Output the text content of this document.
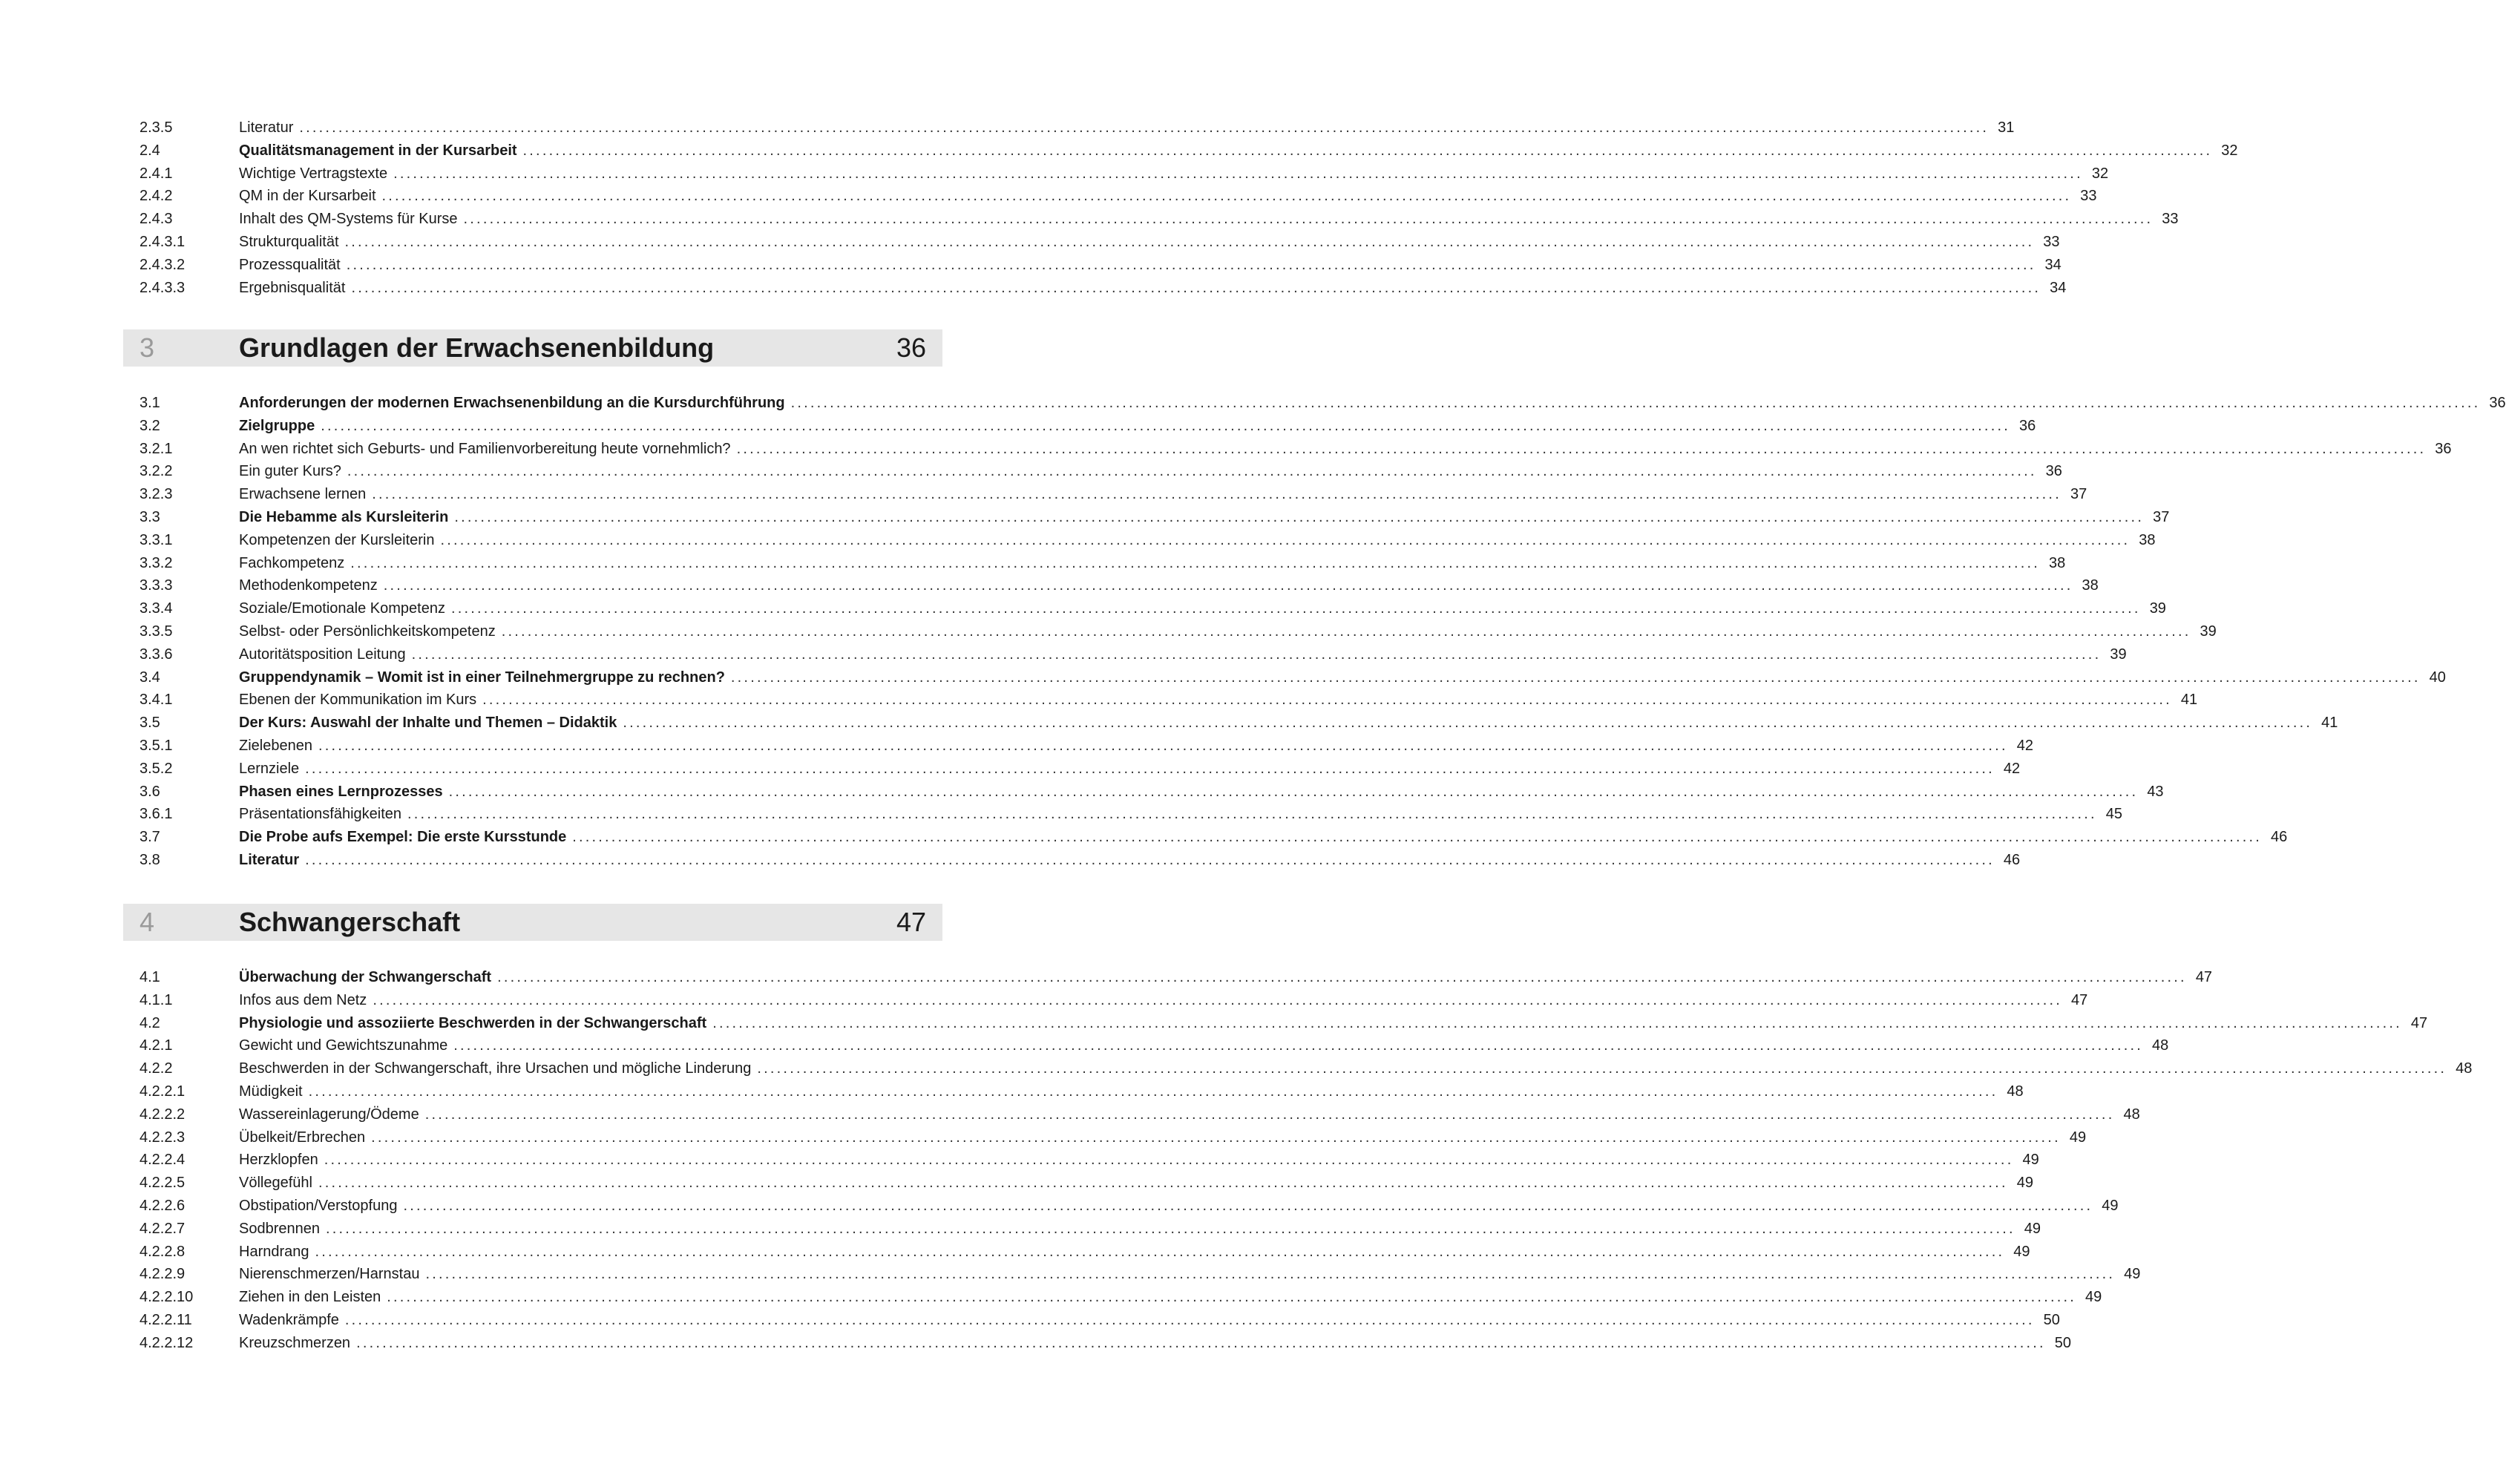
2.3.5	Literatur .................................................................................................................................................................................................................................................................... 31
2.4	Qualitätsmanagement in der Kursarbeit .................................................................................................................................................................................................................................................................... 32
2.4.1	Wichtige Vertragstexte .................................................................................................................................................................................................................................................................... 32
2.4.2	QM in der Kursarbeit .................................................................................................................................................................................................................................................................... 33
2.4.3	Inhalt des QM-Systems für Kurse .................................................................................................................................................................................................................................................................... 33
2.4.3.1	Strukturqualität .................................................................................................................................................................................................................................................................... 33
2.4.3.2	Prozessqualität .................................................................................................................................................................................................................................................................... 34
2.4.3.3	Ergebnisqualität .................................................................................................................................................................................................................................................................... 34
3	Grundlagen der Erwachsenenbildung	36
3.1	Anforderungen der modernen Erwachsenenbildung an die Kursdurchführung .................................................................................................................................................................................................................................................................... 36
3.2	Zielgruppe .................................................................................................................................................................................................................................................................... 36
3.2.1	An wen richtet sich Geburts- und Familienvorbereitung heute vornehmlich? .................................................................................................................................................................................................................................................................... 36
3.2.2	Ein guter Kurs? .................................................................................................................................................................................................................................................................... 36
3.2.3	Erwachsene lernen .................................................................................................................................................................................................................................................................... 37
3.3	Die Hebamme als Kursleiterin .................................................................................................................................................................................................................................................................... 37
3.3.1	Kompetenzen der Kursleiterin .................................................................................................................................................................................................................................................................... 38
3.3.2	Fachkompetenz .................................................................................................................................................................................................................................................................... 38
3.3.3	Methodenkompetenz .................................................................................................................................................................................................................................................................... 38
3.3.4	Soziale/Emotionale Kompetenz .................................................................................................................................................................................................................................................................... 39
3.3.5	Selbst- oder Persönlichkeitskompetenz .................................................................................................................................................................................................................................................................... 39
3.3.6	Autoritätsposition Leitung .................................................................................................................................................................................................................................................................... 39
3.4	Gruppendynamik – Womit ist in einer Teilnehmergruppe zu rechnen? .................................................................................................................................................................................................................................................................... 40
3.4.1	Ebenen der Kommunikation im Kurs .................................................................................................................................................................................................................................................................... 41
3.5	Der Kurs: Auswahl der Inhalte und Themen – Didaktik .................................................................................................................................................................................................................................................................... 41
3.5.1	Zielebenen .................................................................................................................................................................................................................................................................... 42
3.5.2	Lernziele .................................................................................................................................................................................................................................................................... 42
3.6	Phasen eines Lernprozesses .................................................................................................................................................................................................................................................................... 43
3.6.1	Präsentationsfähigkeiten .................................................................................................................................................................................................................................................................... 45
3.7	Die Probe aufs Exempel: Die erste Kursstunde .................................................................................................................................................................................................................................................................... 46
3.8	Literatur .................................................................................................................................................................................................................................................................... 46
4	Schwangerschaft	47
4.1	Überwachung der Schwangerschaft .................................................................................................................................................................................................................................................................... 47
4.1.1	Infos aus dem Netz .................................................................................................................................................................................................................................................................... 47
4.2	Physiologie und assoziierte Beschwerden in der Schwangerschaft .................................................................................................................................................................................................................................................................... 47
4.2.1	Gewicht und Gewichtszunahme .................................................................................................................................................................................................................................................................... 48
4.2.2	Beschwerden in der Schwangerschaft, ihre Ursachen und mögliche Linderung .................................................................................................................................................................................................................................................................... 48
4.2.2.1	Müdigkeit .................................................................................................................................................................................................................................................................... 48
4.2.2.2	Wassereinlagerung/Ödeme .................................................................................................................................................................................................................................................................... 48
4.2.2.3	Übelkeit/Erbrechen .................................................................................................................................................................................................................................................................... 49
4.2.2.4	Herzklopfen .................................................................................................................................................................................................................................................................... 49
4.2.2.5	Völlegefühl .................................................................................................................................................................................................................................................................... 49
4.2.2.6	Obstipation/Verstopfung .................................................................................................................................................................................................................................................................... 49
4.2.2.7	Sodbrennen .................................................................................................................................................................................................................................................................... 49
4.2.2.8	Harndrang .................................................................................................................................................................................................................................................................... 49
4.2.2.9	Nierenschmerzen/Harnstau .................................................................................................................................................................................................................................................................... 49
4.2.2.10	Ziehen in den Leisten .................................................................................................................................................................................................................................................................... 49
4.2.2.11	Wadenkrämpfe .................................................................................................................................................................................................................................................................... 50
4.2.2.12	Kreuzschmerzen .................................................................................................................................................................................................................................................................... 50
